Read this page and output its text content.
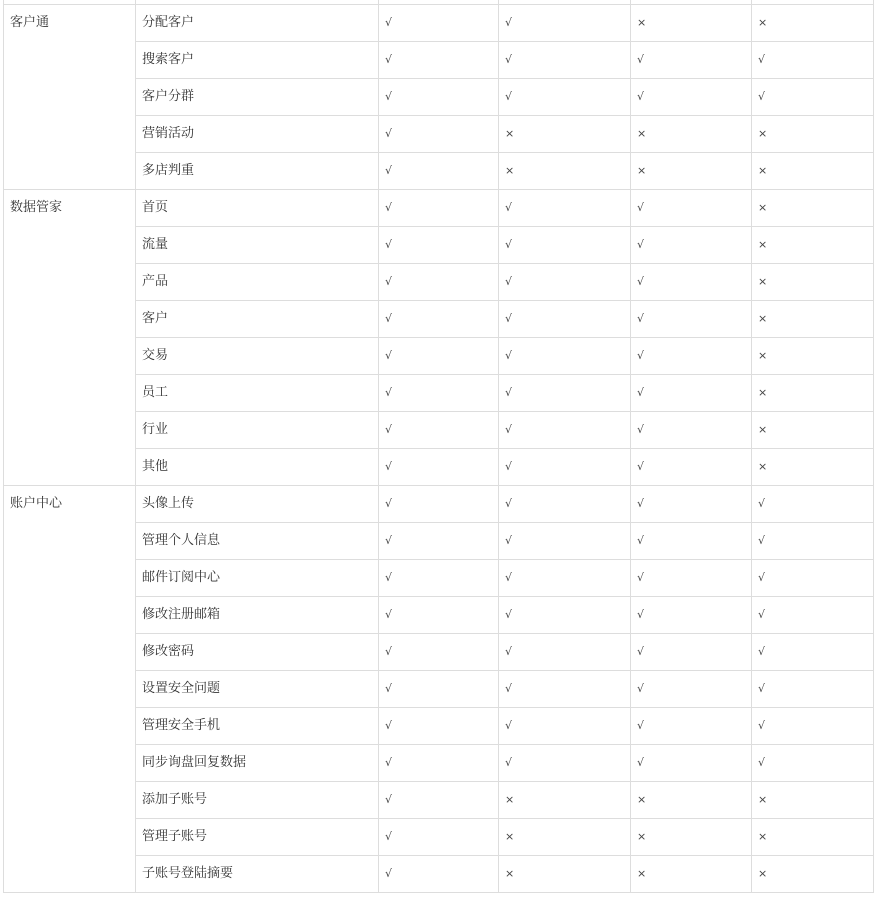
客户通	分配客户	√	√	×	×
	搜索客户	√	√	√	√
	客户分群	√	√	√	√
	营销活动	√	×	×	×
	多店判重	√	×	×	×
数据管家	首页	√	√	√	×
	流量	√	√	√	×
	产品	√	√	√	×
	客户	√	√	√	×
	交易	√	√	√	×
	员工	√	√	√	×
	行业	√	√	√	×
	其他	√	√	√	×
账户中心	头像上传	√	√	√	√
	管理个人信息	√	√	√	√
	邮件订阅中心	√	√	√	√
	修改注册邮箱	√	√	√	√
	修改密码	√	√	√	√
	设置安全问题	√	√	√	√
	管理安全手机	√	√	√	√
	同步询盘回复数据	√	√	√	√
	添加子账号	√	×	×	×
	管理子账号	√	×	×	×
	子账号登陆摘要	√	×	×	×
